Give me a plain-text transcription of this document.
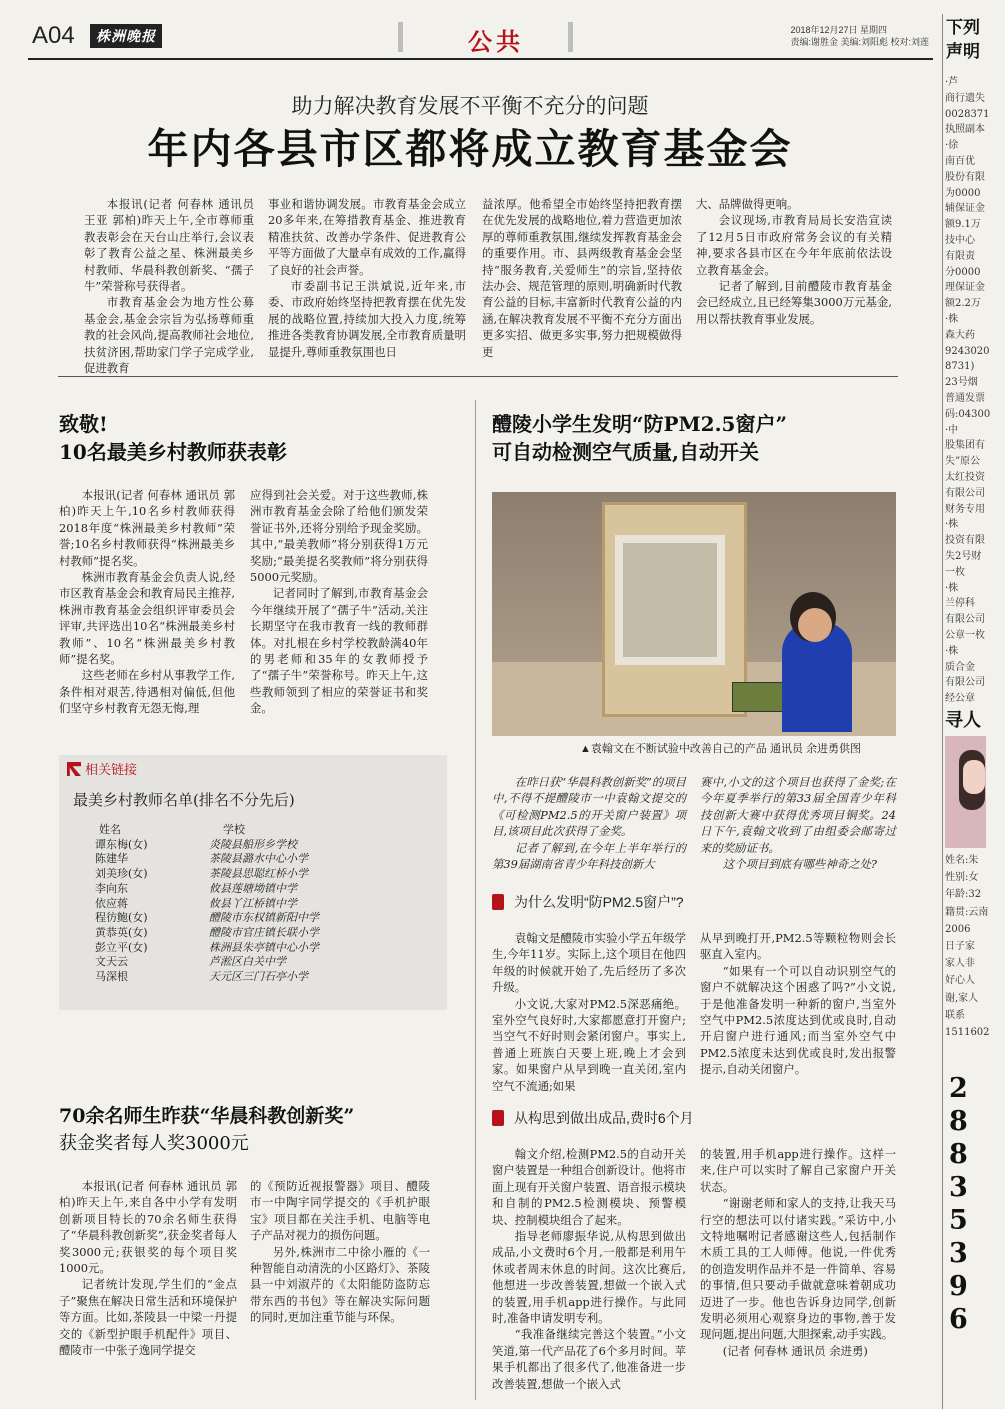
A04	株洲晚报	公共	2018年12月27日 星期四
责编:谢胜金 美编:刘阳彪 校对:刘莲
助力解决教育发展不平衡不充分的问题
年内各县市区都将成立教育基金会

本报讯(记者 何春林 通讯员 王亚 郭柏)昨天上午,全市尊师重教表彰会在天台山庄举行,会议表彰了教育公益之星、株洲最美乡村教师、华晨科教创新奖、“孺子牛”荣誉称号获得者。

市教育基金会为地方性公募基金会,基金会宗旨为弘扬尊师重教的社会风尚,提高教师社会地位,扶贫济困,帮助家门学子完成学业,促进教育

事业和谐协调发展。市教育基金会成立20多年来,在筹措教育基金、推进教育精准扶贫、改善办学条件、促进教育公平等方面做了大量卓有成效的工作,赢得了良好的社会声誉。

市委副书记王洪斌说,近年来,市委、市政府始终坚持把教育摆在优先发展的战略位置,持续加大投入力度,统筹推进各类教育协调发展,全市教育质量明显提升,尊师重教氛围也日

益浓厚。他希望全市始终坚持把教育摆在优先发展的战略地位,着力营造更加浓厚的尊师重教氛围,继续发挥教育基金会的重要作用。市、县两级教育基金会坚持“服务教育,关爱师生”的宗旨,坚持依法办会、规范管理的原则,明确新时代教育公益的目标,丰富新时代教育公益的内涵,在解决教育发展不平衡不充分方面出更多实招、做更多实事,努力把规模做得更

大、品牌做得更响。

会议现场,市教育局局长安浩宣读了12月5日市政府常务会议的有关精神,要求各县市区在今年年底前依法设立教育基金会。

记者了解到,目前醴陵市教育基金会已经成立,且已经筹集3000万元基金,用以帮扶教育事业发展。

致敬!
10名最美乡村教师获表彰

本报讯(记者 何春林 通讯员 郭柏)昨天上午,10名乡村教师获得2018年度“株洲最美乡村教师”荣誉;10名乡村教师获得“株洲最美乡村教师”提名奖。

株洲市教育基金会负责人说,经市区教育基金会和教育局民主推荐,株洲市教育基金会组织评审委员会评审,共评选出10名“株洲最美乡村教师”、10名“株洲最美乡村教师”提名奖。

这些老师在乡村从事教学工作,条件相对艰苦,待遇相对偏低,但他们坚守乡村教育无怨无悔,理

应得到社会关爱。对于这些教师,株洲市教育基金会除了给他们颁发荣誉证书外,还将分别给予现金奖励。其中,“最美教师”将分别获得1万元奖励;“最美提名奖教师”将分别获得5000元奖励。

记者同时了解到,市教育基金会今年继续开展了“孺子牛”活动,关注长期坚守在我市教育一线的教师群体。对扎根在乡村学校教龄满40年的男老师和35年的女教师授予了“孺子牛”荣誉称号。昨天上午,这些教师领到了相应的荣誉证书和奖金。

相关链接
最美乡村教师名单(排名不分先后)
姓名	学校
谭东梅(女)	炎陵县船形乡学校
陈建华	茶陵县潞水中心小学
刘美珍(女)	茶陵县思聪红桥小学
李向东	攸县莲塘坳镇中学
依应蒋	攸县丫江桥镇中学
程彷鲍(女)	醴陵市东权镇新阳中学
黄恭英(女)	醴陵市官庄镇长联小学
彭立平(女)	株洲县朱亭镇中心小学
文天云	芦淞区白关中学
马深根	天元区三门石亭小学
70余名师生昨获“华晨科教创新奖”
获金奖者每人奖3000元

本报讯(记者 何春林 通讯员 郭柏)昨天上午,来自各中小学有发明创新项目特长的70余名师生获得了“华晨科教创新奖”,获金奖者每人奖3000元;获银奖的每个项目奖1000元。

记者统计发现,学生们的“金点子”聚焦在解决日常生活和环境保护等方面。比如,茶陵县一中梁一丹提交的《新型护眼手机配件》项目、醴陵市一中张子逸同学提交

的《预防近视报警器》项目、醴陵市一中陶宇同学提交的《手机护眼宝》项目都在关注手机、电脑等电子产品对视力的损伤问题。

另外,株洲市二中徐小雁的《一种智能自动清洗的小区路灯》、茶陵县一中刘淑芹的《太阳能防盗防忘带东西的书包》等在解决实际问题的同时,更加注重节能与环保。

醴陵小学生发明“防PM2.5窗户”
可自动检测空气质量,自动开关
▲袁翰文在不断试验中改善自己的产品 通讯员 余进勇供图

在昨日获“华晨科教创新奖”的项目中,不得不提醴陵市一中袁翰文提交的《可检测PM2.5的开关窗户装置》项目,该项目此次获得了金奖。

记者了解到,在今年上半年举行的第39届湖南省青少年科技创新大

赛中,小文的这个项目也获得了金奖;在今年夏季举行的第33届全国青少年科技创新大赛中获得优秀项目铜奖。24日下午,袁翰文收到了由组委会邮寄过来的奖励证书。

这个项目到底有哪些神奇之处?

为什么发明“防PM2.5窗户”?

袁翰文是醴陵市实验小学五年级学生,今年11岁。实际上,这个项目在他四年级的时候就开始了,先后经历了多次升级。

小文说,大家对PM2.5深恶痛绝。室外空气良好时,大家都愿意打开窗户;当空气不好时则会紧闭窗户。事实上,普通上班族白天要上班,晚上才会到家。如果窗户从早到晚一直关闭,室内空气不流通;如果

从早到晚打开,PM2.5等颗粒物则会长驱直入室内。

“如果有一个可以自动识别空气的窗户不就解决这个困惑了吗?”小文说,于是他准备发明一种新的窗户,当室外空气中PM2.5浓度达到优或良时,自动开启窗户进行通风;而当室外空气中PM2.5浓度未达到优或良时,发出报警提示,自动关闭窗户。

从构思到做出成品,费时6个月

翰文介绍,检测PM2.5的自动开关窗户装置是一种组合创新设计。他将市面上现有开关窗户装置、语音报示模块和自制的PM2.5检测模块、预警模块、控制模块组合了起来。

指导老师廖振华说,从构思到做出成品,小文费时6个月,一般都是利用午休或者周末休息的时间。这次比赛后,他想进一步改善装置,想做一个嵌入式的装置,用手机app进行操作。与此同时,准备申请发明专利。

“我准备继续完善这个装置。”小文笑道,第一代产品花了6个多月时间。苹果手机都出了很多代了,他准备进一步改善装置,想做一个嵌入式

的装置,用手机app进行操作。这样一来,住户可以实时了解自己家窗户开关状态。

“谢谢老师和家人的支持,让我天马行空的想法可以付诸实践。”采访中,小文特地嘱咐记者感谢这些人,包括制作木质工具的工人师傅。他说,一件优秀的创造发明作品并不是一件简单、容易的事情,但只要动手做就意味着朝成功迈进了一步。他也告诉身边同学,创新发明必须用心观察身边的事物,善于发现问题,提出问题,大胆探索,动手实践。

(记者 何春林 通讯员 余进勇)

下列声明
·芦
商行遗失
0028371
执照副本
·徐
南百优
股份有限
为0000
辅保证金
额9.1万
技中心
有限责
分0000
理保证金
额2.2万
·株
森大药
9243020
8731)
23号烟
普通发票
码:04300
·中
股集团有
失”原公
太红投资
有限公司
财务专用
·株
投资有限
失2号财
一枚
·株
兰停科
有限公司
公章一枚
·株
质合金
有限公司
经公章
寻人
姓名:朱
性别:女
年龄:32
籍贯:云南
2006
日子家
家人非
好心人
谢,家人
联系
1511602
28835396
